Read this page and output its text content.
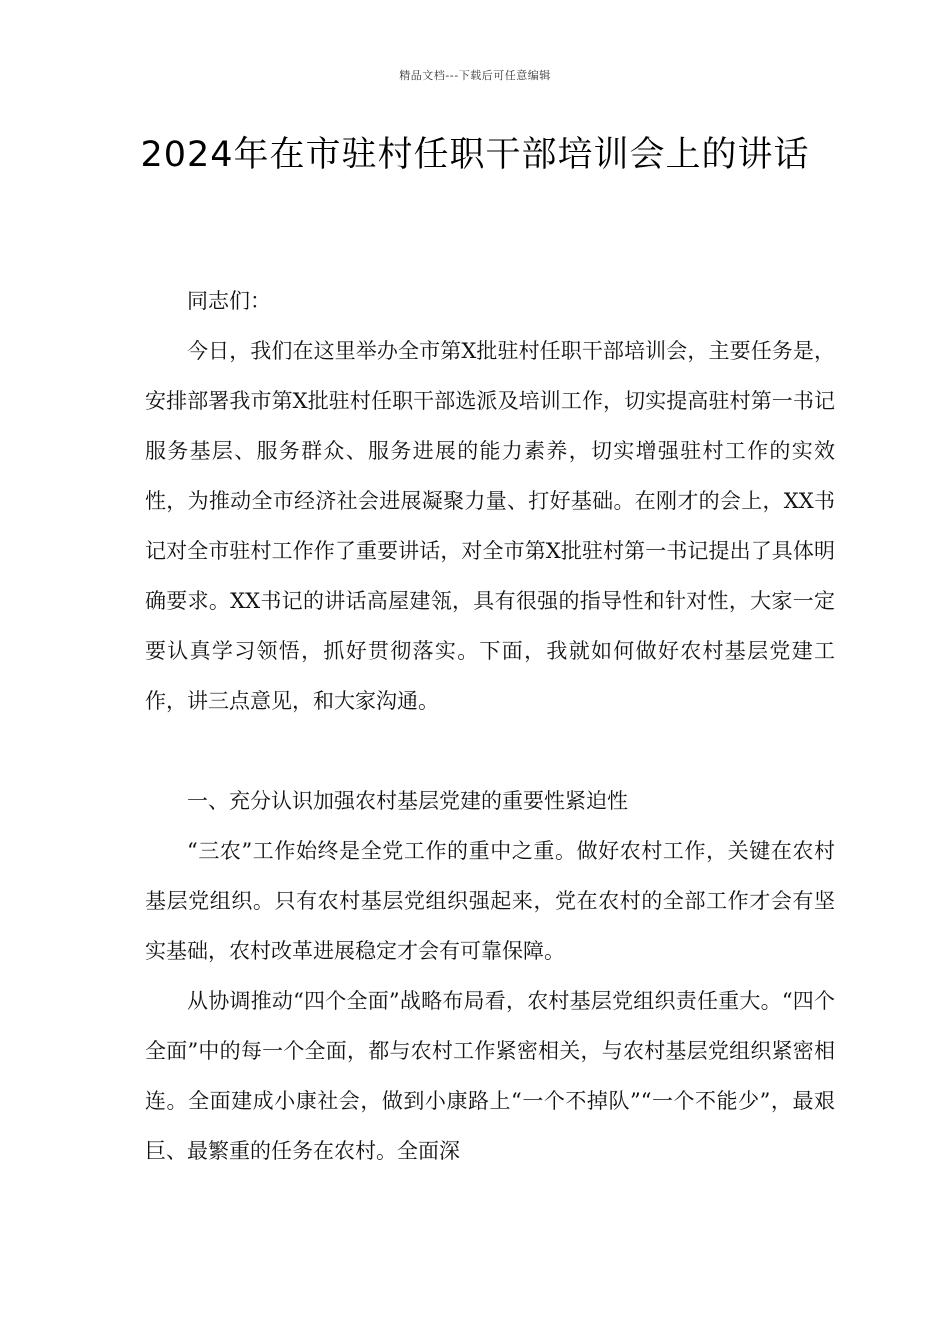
精品文档---下载后可任意编辑
2024年在市驻村任职干部培训会上的讲话

同志们：

今日，我们在这里举办全市第X批驻村任职干部培训会，主要任务是，安排部署我市第X批驻村任职干部选派及培训工作，切实提高驻村第一书记服务基层、服务群众、服务进展的能力素养，切实增强驻村工作的实效性，为推动全市经济社会进展凝聚力量、打好基础。在刚才的会上，XX书记对全市驻村工作作了重要讲话，对全市第X批驻村第一书记提出了具体明确要求。XX书记的讲话高屋建瓴，具有很强的指导性和针对性，大家一定要认真学习领悟，抓好贯彻落实。下面，我就如何做好农村基层党建工作，讲三点意见，和大家沟通。

一、充分认识加强农村基层党建的重要性紧迫性

“三农”工作始终是全党工作的重中之重。做好农村工作，关键在农村基层党组织。只有农村基层党组织强起来，党在农村的全部工作才会有坚实基础，农村改革进展稳定才会有可靠保障。

从协调推动“四个全面”战略布局看，农村基层党组织责任重大。“四个全面”中的每一个全面，都与农村工作紧密相关，与农村基层党组织紧密相连。全面建成小康社会，做到小康路上“一个不掉队”“一个不能少”，最艰巨、最繁重的任务在农村。全面深
